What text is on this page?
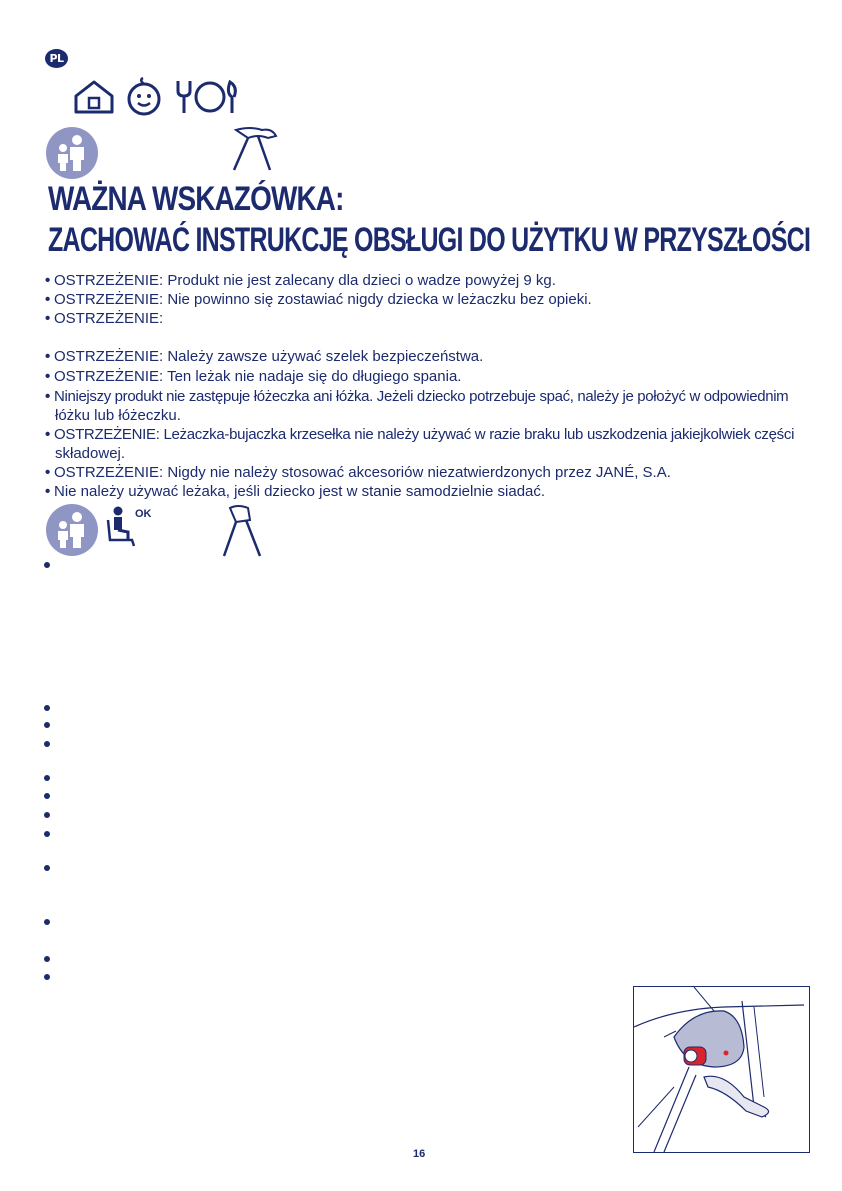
PL
WAŻNA WSKAZÓWKA:
ZACHOWAĆ INSTRUKCJĘ OBSŁUGI DO UŻYTKU W PRZYSZŁOŚCI
• OSTRZEŻENIE: Produkt nie jest zalecany dla dzieci o wadze powyżej 9 kg.
• OSTRZEŻENIE: Nie powinno się zostawiać nigdy dziecka w leżaczku bez opieki.
• OSTRZEŻENIE:
• OSTRZEŻENIE: Należy zawsze używać szelek bezpieczeństwa.
• OSTRZEŻENIE: Ten leżak nie nadaje się do długiego spania.
• Niniejszy produkt nie zastępuje łóżeczka ani łóżka. Jeżeli dziecko potrzebuje spać, należy je położyć w odpowiednim
łóżku lub łóżeczku.
• OSTRZEŻENIE: Leżaczka-bujaczka krzesełka nie należy używać w razie braku lub uszkodzenia jakiejkolwiek części
składowej.
• OSTRZEŻENIE: Nigdy nie należy stosować akcesoriów niezatwierdzonych przez JANÉ, S.A.
• Nie należy używać leżaka, jeśli dziecko jest w stanie samodzielnie siadać.
OK
16
